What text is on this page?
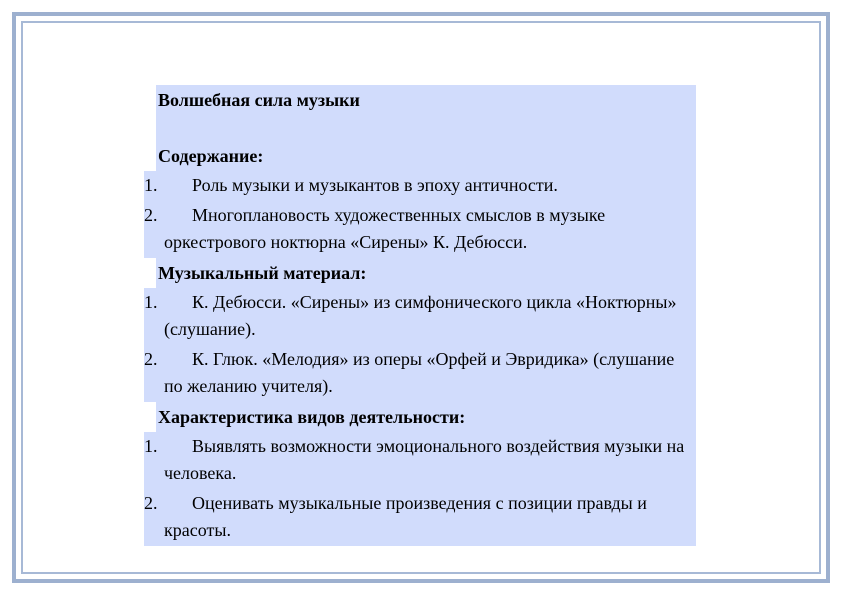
Волшебная сила музыки
Содержание:
1.	Роль музыки и музыкантов в эпоху античности.
2.	Многоплановость художественных смыслов в музыке оркестрового ноктюрна «Сирены» К. Дебюсси.
Музыкальный материал:
1.	К. Дебюсси. «Сирены» из симфонического цикла «Ноктюрны» (слушание).
2.	К. Глюк. «Мелодия» из оперы «Орфей и Эвридика» (слушание по желанию учителя).
Характеристика видов деятельности:
1.	Выявлять возможности эмоционального воздействия музыки на человека.
2.	Оценивать музыкальные произведения с позиции правды и красоты.
